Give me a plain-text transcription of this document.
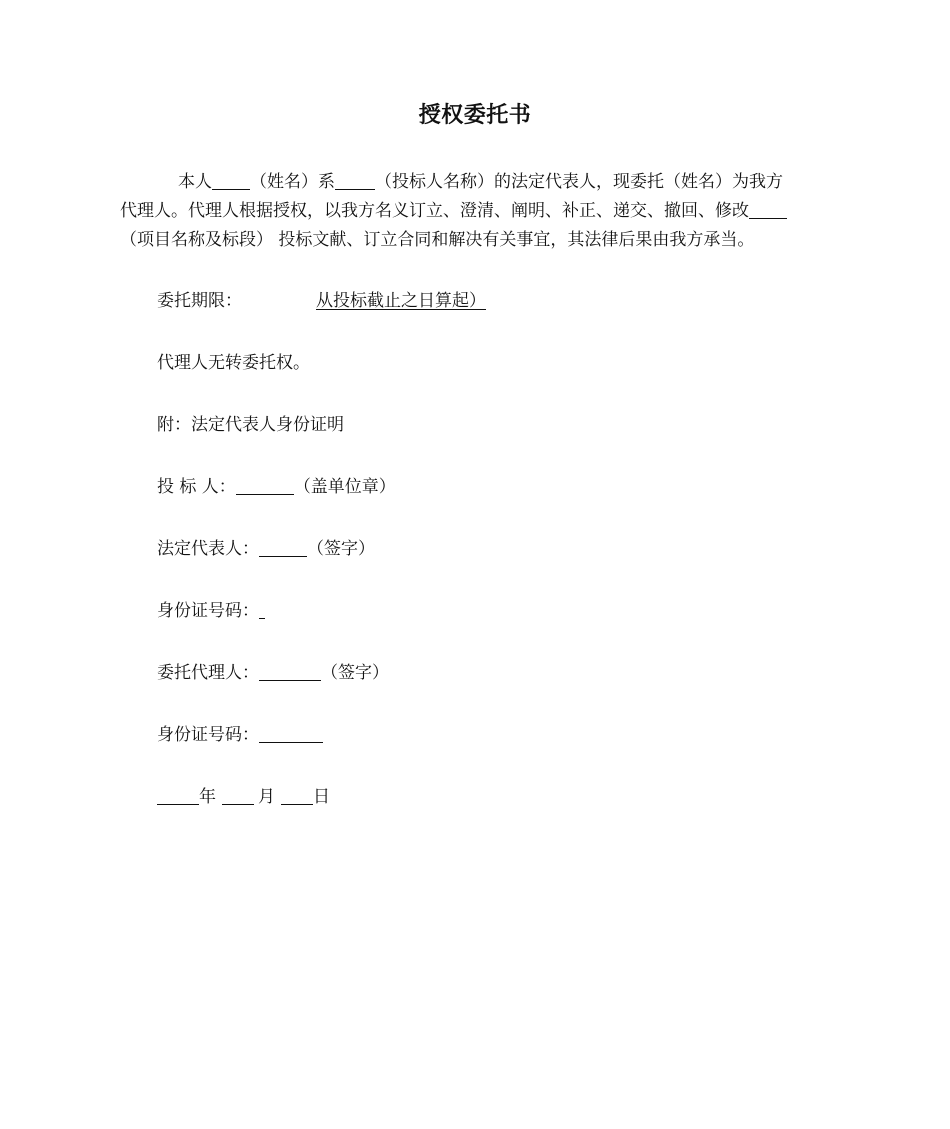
授权委托书
本人 （姓名）系 （投标人名称）的法定代表人，现委托（姓名）为我方
代理人。代理人根据授权，以我方名义订立、澄清、阐明、补正、递交、撤回、修改
（项目名称及标段） 投标文献、订立合同和解决有关事宜，其法律后果由我方承当。
委托期限：	从投标截止之日算起）
代理人无转委托权。
附：法定代表人身份证明
投 标 人：	（盖单位章）
法定代表人：	（签字）
身份证号码：
委托代理人：	（签字）
身份证号码：
年 月 日
